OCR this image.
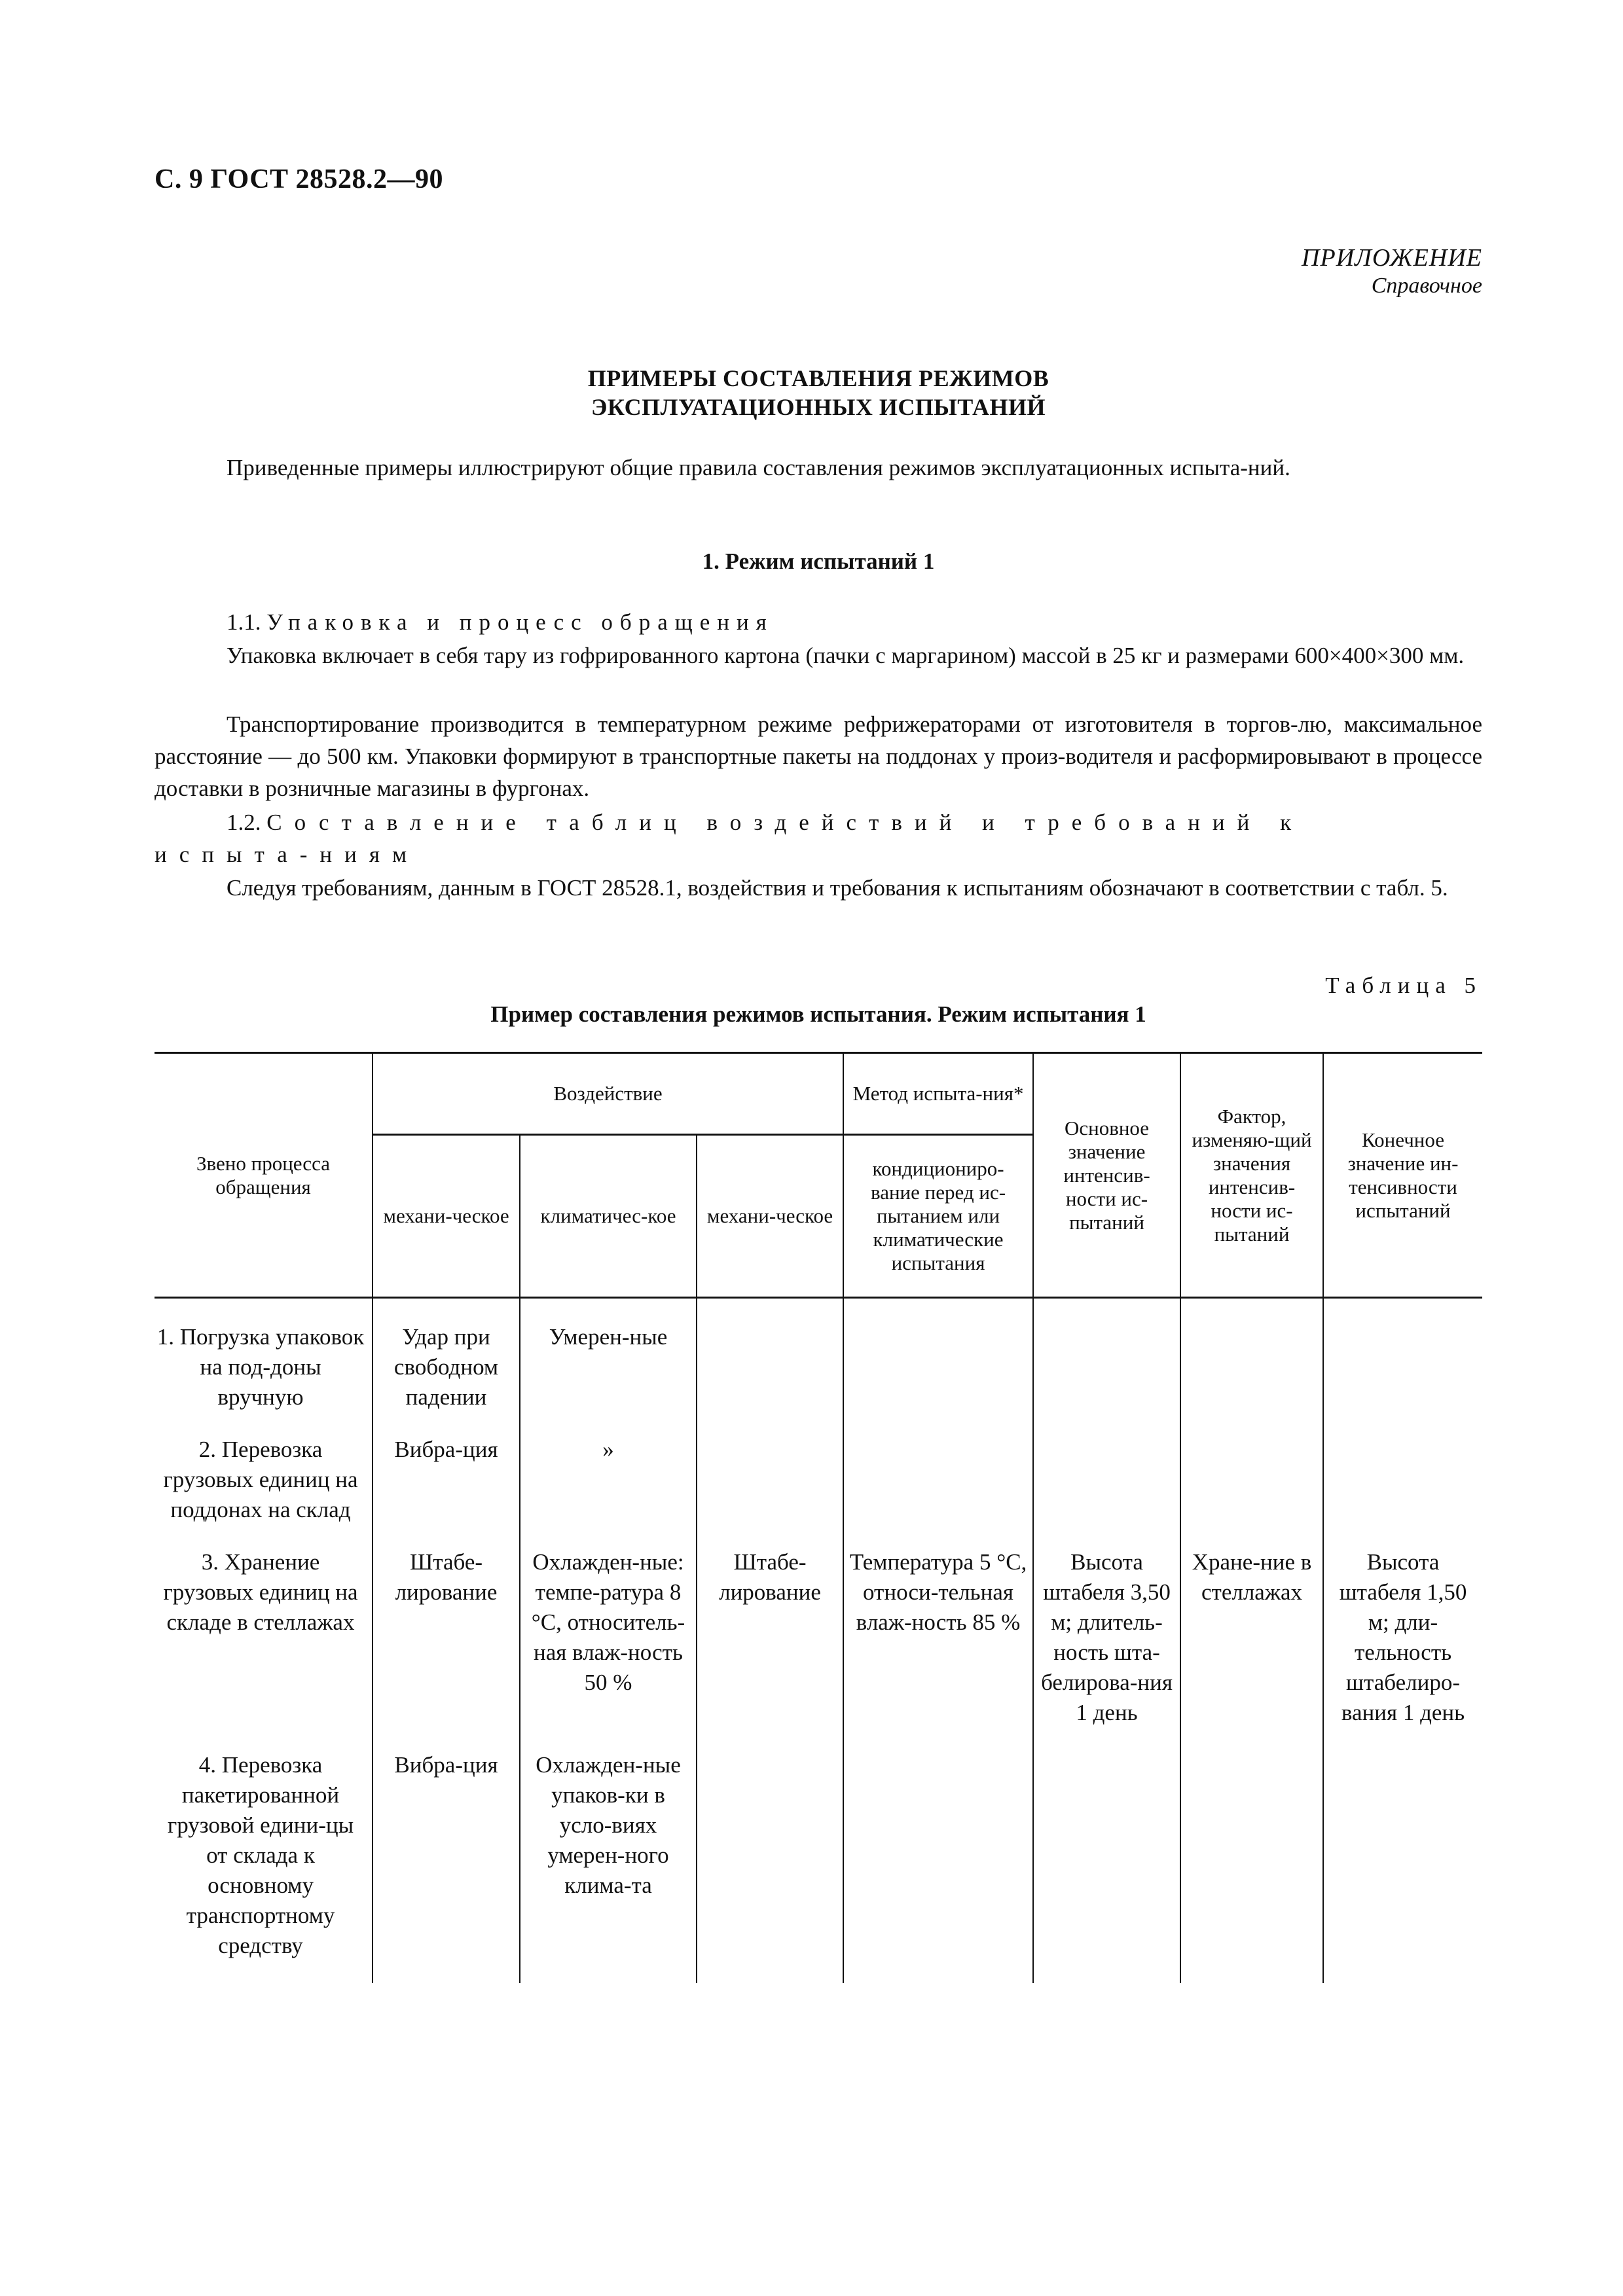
С. 9 ГОСТ 28528.2—90
ПРИЛОЖЕНИЕ
Справочное
ПРИМЕРЫ СОСТАВЛЕНИЯ РЕЖИМОВ
ЭКСПЛУАТАЦИОННЫХ ИСПЫТАНИЙ
Приведенные примеры иллюстрируют общие правила составления режимов эксплуатационных испыта-ний.
1. Режим испытаний 1
1.1. Упаковка и процесс обращения
Упаковка включает в себя тару из гофрированного картона (пачки с маргарином) массой в 25 кг и размерами 600×400×300 мм.
Транспортирование производится в температурном режиме рефрижераторами от изготовителя в торгов-лю, максимальное расстояние — до 500 км. Упаковки формируют в транспортные пакеты на поддонах у произ-водителя и расформировывают в процессе доставки в розничные магазины в фургонах.
1.2. Составление таблиц воздействий и требований к испыта-ниям
Следуя требованиям, данным в ГОСТ 28528.1, воздействия и требования к испытаниям обозначают в соответствии с табл. 5.
Таблица 5
Пример составления режимов испытания. Режим испытания 1
Звено процесса обращения	Воздействие			Метод испыта-ния*	Основное значение интенсив-ности ис-пытаний	Фактор, изменяю-щий значения интенсив-ности ис-пытаний	Конечное значение ин-тенсивности испытаний
	механи-ческое	климатичес-кое	механи-ческое	кондициониро-вание перед ис-пытанием или климатические испытания			
1. Погрузка упаковок на под-доны вручную	Удар при свободном падении	Умерен-ные					
2. Перевозка грузовых единиц на поддонах на склад	Вибра-ция	»					
3. Хранение грузовых единиц на складе в стеллажах	Штабе-лирование	Охлажден-ные: темпе-ратура 8 °С, относитель-ная влаж-ность 50 %	Штабе-лирование	Температура 5 °С, относи-тельная влаж-ность 85 %	Высота штабеля 3,50 м; длитель-ность шта-белирова-ния 1 день	Хране-ние в стеллажах	Высота штабеля 1,50 м; дли-тельность штабелиро-вания 1 день
4. Перевозка пакетированной грузовой едини-цы от склада к основному транспортному средству	Вибра-ция	Охлажден-ные упаков-ки в усло-виях умерен-ного клима-та					
